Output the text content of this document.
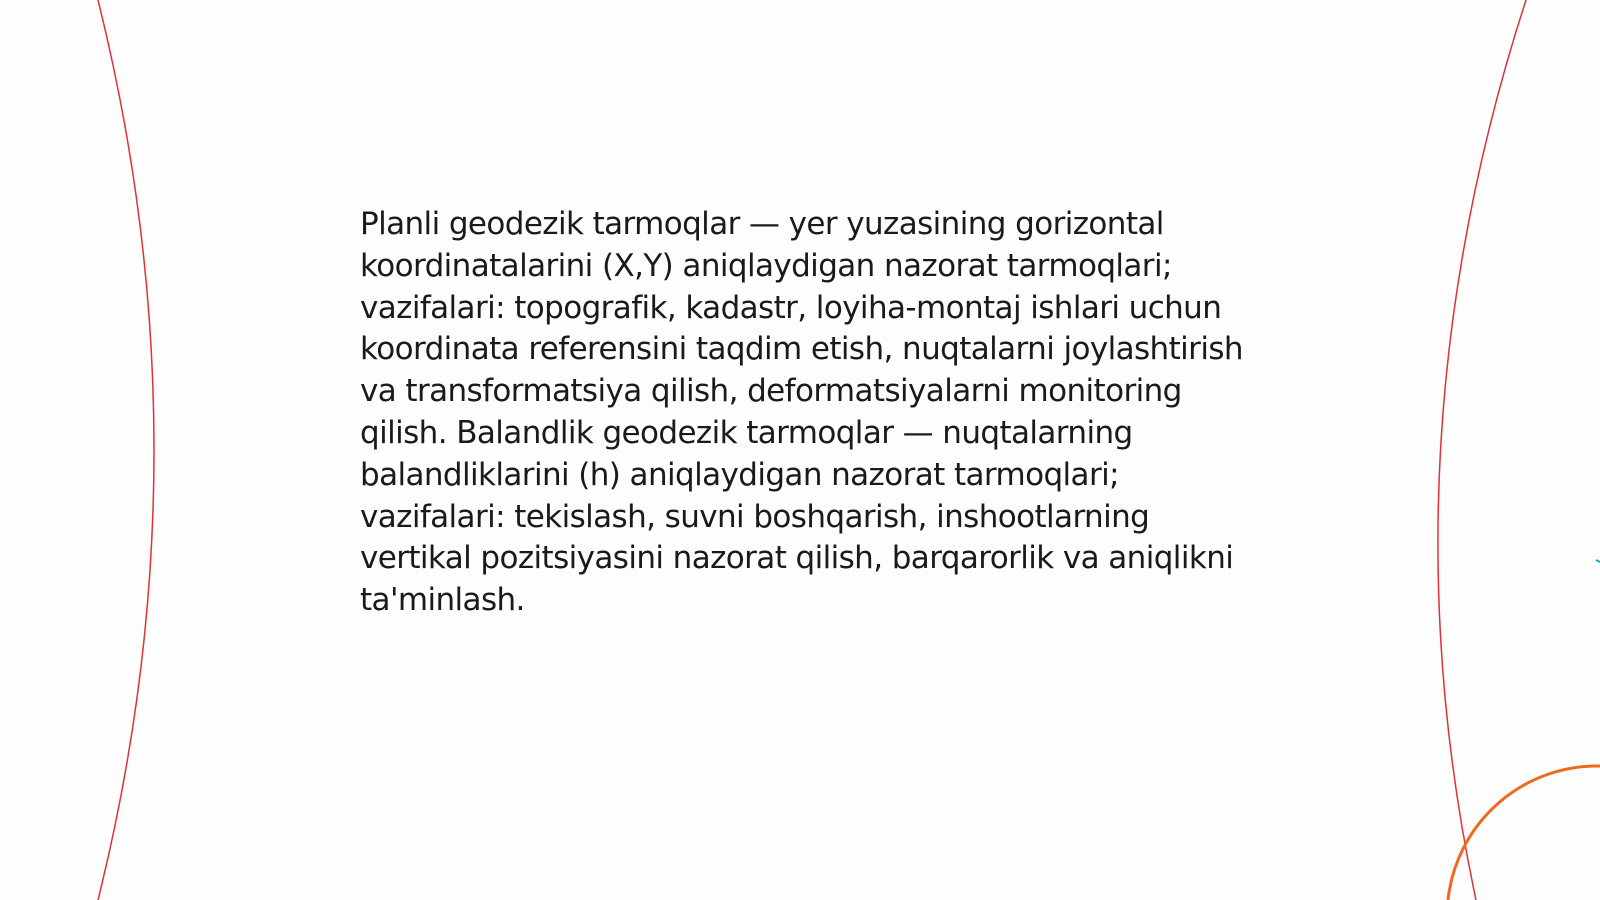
Planli geodezik tarmoqlar — yer yuzasining gorizontal koordinatalarini (X,Y) aniqlaydigan nazorat tarmoqlari; vazifalari: topografik, kadastr, loyiha-montaj ishlari uchun koordinata referensini taqdim etish, nuqtalarni joylashtirish va transformatsiya qilish, deformatsiyalarni monitoring qilish. Balandlik geodezik tarmoqlar — nuqtalarning balandliklarini (h) aniqlaydigan nazorat tarmoqlari; vazifalari: tekislash, suvni boshqarish, inshootlarning vertikal pozitsiyasini nazorat qilish, barqarorlik va aniqlikni ta'minlash.
